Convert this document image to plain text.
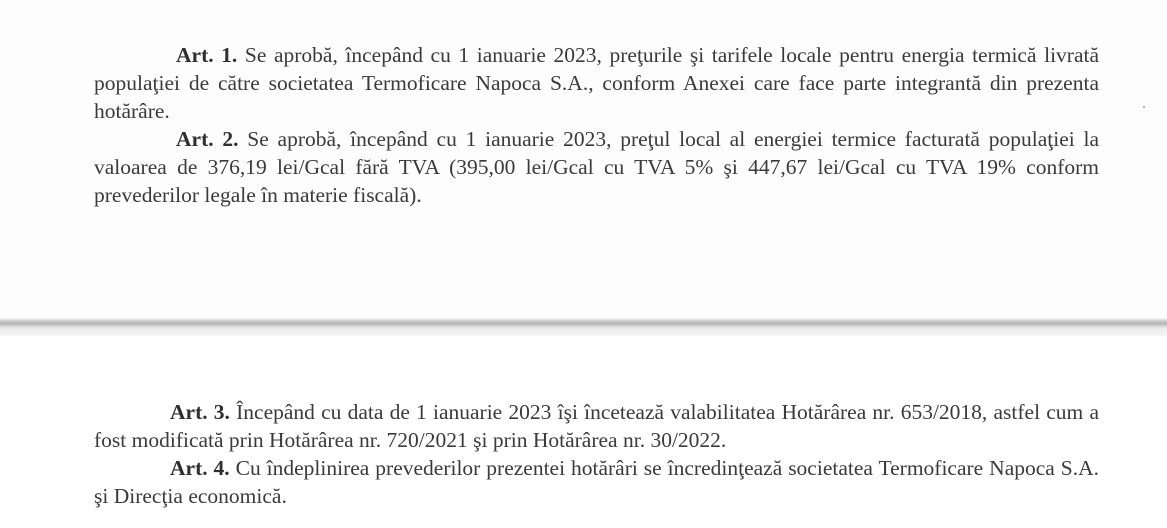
Art. 1. Se aprobă, începând cu 1 ianuarie 2023, preţurile şi tarifele locale pentru energia termică livrată populaţiei de către societatea Termoficare Napoca S.A., conform Anexei care face parte integrantă din prezenta hotărâre.

Art. 2. Se aprobă, începând cu 1 ianuarie 2023, preţul local al energiei termice facturată populaţiei la valoarea de 376,19 lei/Gcal fără TVA (395,00 lei/Gcal cu TVA 5% şi 447,67 lei/Gcal cu TVA 19% conform prevederilor legale în materie fiscală).

Art. 3. Începând cu data de 1 ianuarie 2023 îşi încetează valabilitatea Hotărârea nr. 653/2018, astfel cum a fost modificată prin Hotărârea nr. 720/2021 şi prin Hotărârea nr. 30/2022.

Art. 4. Cu îndeplinirea prevederilor prezentei hotărâri se încredinţează societatea Termoficare Napoca S.A. şi Direcţia economică.
